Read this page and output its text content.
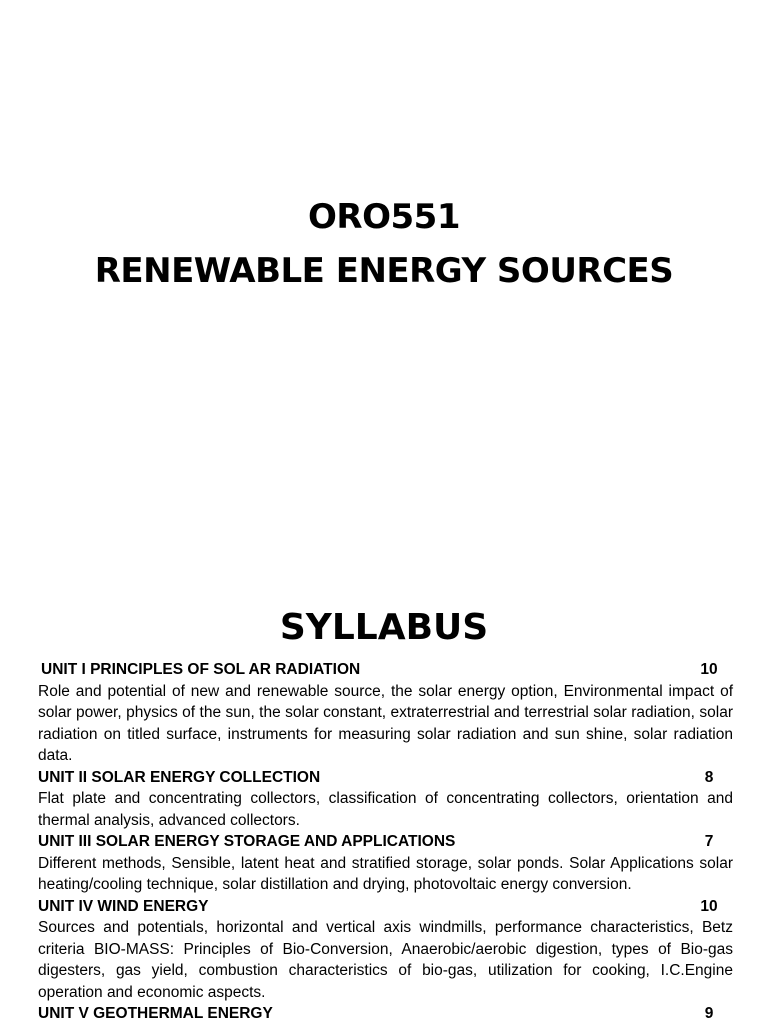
ORO551
RENEWABLE ENERGY SOURCES
SYLLABUS
UNIT I PRINCIPLES OF SOL AR RADIATION	10
Role and potential of new and renewable source, the solar energy option, Environmental impact of solar power, physics of the sun, the solar constant, extraterrestrial and terrestrial solar radiation, solar radiation on titled surface, instruments for measuring solar radiation and sun shine, solar radiation data.
UNIT II SOLAR ENERGY COLLECTION	8
Flat plate and concentrating collectors, classification of concentrating collectors, orientation and thermal analysis, advanced collectors.
UNIT III SOLAR ENERGY STORAGE AND APPLICATIONS	7
Different methods, Sensible, latent heat and stratified storage, solar ponds. Solar Applications solar heating/cooling technique, solar distillation and drying, photovoltaic energy conversion.
UNIT IV WIND ENERGY	10
Sources and potentials, horizontal and vertical axis windmills, performance characteristics, Betz criteria BIO-MASS: Principles of Bio-Conversion, Anaerobic/aerobic digestion, types of Bio-gas digesters, gas yield, combustion characteristics of bio-gas, utilization for cooking, I.C.Engine operation and economic aspects.
UNIT V GEOTHERMAL ENERGY	9
